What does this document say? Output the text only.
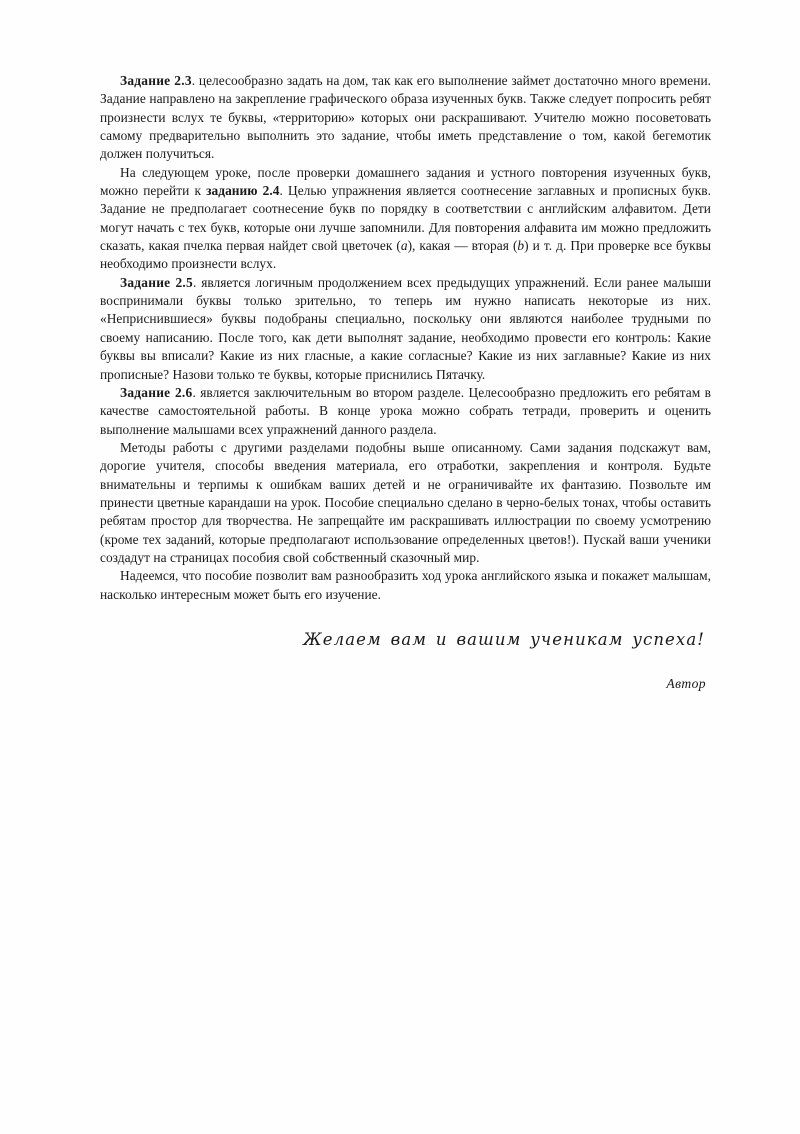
Задание 2.3. целесообразно задать на дом, так как его выполнение займет достаточно много времени. Задание направлено на закрепление графического образа изученных букв. Также следует попросить ребят произнести вслух те буквы, «территорию» которых они раскрашивают. Учителю можно посоветовать самому предварительно выполнить это задание, чтобы иметь представление о том, какой бегемотик должен получиться.

На следующем уроке, после проверки домашнего задания и устного повторения изученных букв, можно перейти к заданию 2.4. Целью упражнения является соотнесение заглавных и прописных букв. Задание не предполагает соотнесение букв по порядку в соответствии с английским алфавитом. Дети могут начать с тех букв, которые они лучше запомнили. Для повторения алфавита им можно предложить сказать, какая пчелка первая найдет свой цветочек (a), какая — вторая (b) и т. д. При проверке все буквы необходимо произнести вслух.

Задание 2.5. является логичным продолжением всех предыдущих упражнений. Если ранее малыши воспринимали буквы только зрительно, то теперь им нужно написать некоторые из них. «Неприснившиеся» буквы подобраны специально, поскольку они являются наиболее трудными по своему написанию. После того, как дети выполнят задание, необходимо провести его контроль: Какие буквы вы вписали? Какие из них гласные, а какие согласные? Какие из них заглавные? Какие из них прописные? Назови только те буквы, которые приснились Пятачку.

Задание 2.6. является заключительным во втором разделе. Целесообразно предложить его ребятам в качестве самостоятельной работы. В конце урока можно собрать тетради, проверить и оценить выполнение малышами всех упражнений данного раздела.

Методы работы с другими разделами подобны выше описанному. Сами задания подскажут вам, дорогие учителя, способы введения материала, его отработки, закрепления и контроля. Будьте внимательны и терпимы к ошибкам ваших детей и не ограничивайте их фантазию. Позвольте им принести цветные карандаши на урок. Пособие специально сделано в черно-белых тонах, чтобы оставить ребятам простор для творчества. Не запрещайте им раскрашивать иллюстрации по своему усмотрению (кроме тех заданий, которые предполагают использование определенных цветов!). Пускай ваши ученики создадут на страницах пособия свой собственный сказочный мир.

Надеемся, что пособие позволит вам разнообразить ход урока английского языка и покажет малышам, насколько интересным может быть его изучение.

Желаем вам и вашим ученикам успеха!

Автор
